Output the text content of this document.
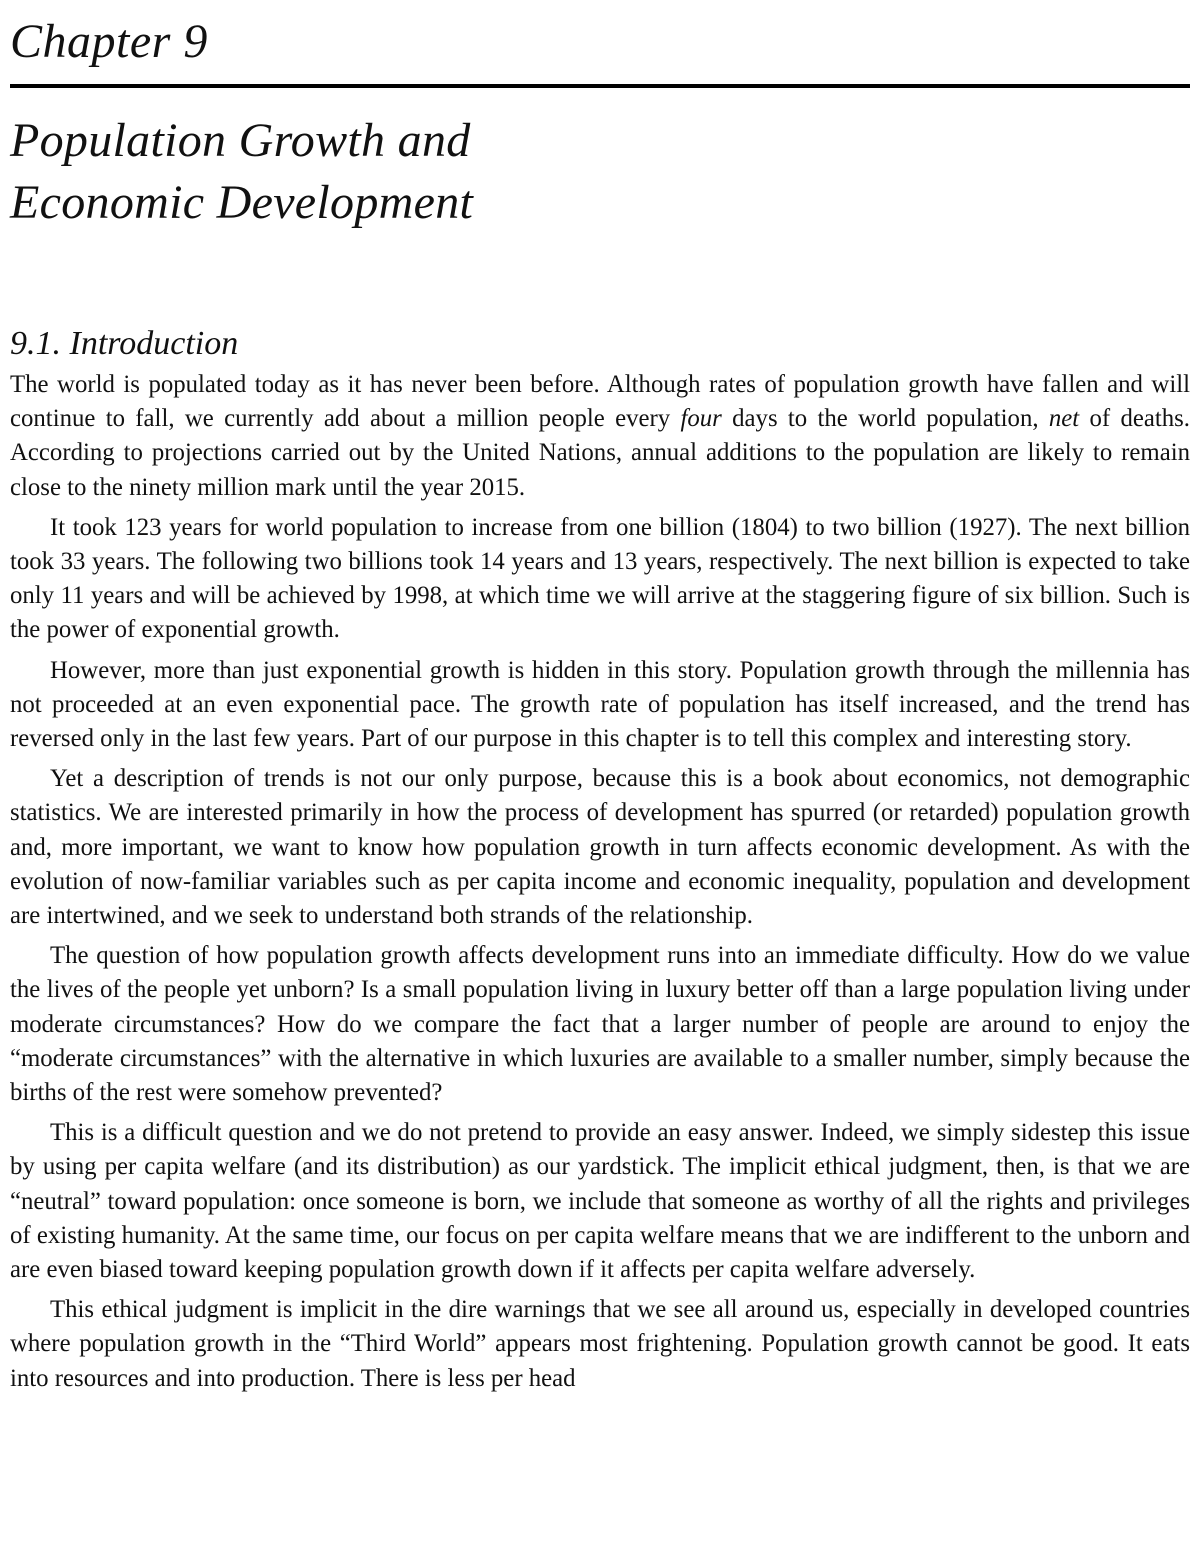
Chapter 9
Population Growth and
Economic Development
9.1. Introduction

The world is populated today as it has never been before. Although rates of population growth have fallen and will continue to fall, we currently add about a million people every four days to the world population, net of deaths. According to projections carried out by the United Nations, annual additions to the population are likely to remain close to the ninety million mark until the year 2015.

It took 123 years for world population to increase from one billion (1804) to two billion (1927). The next billion took 33 years. The following two billions took 14 years and 13 years, respectively. The next billion is expected to take only 11 years and will be achieved by 1998, at which time we will arrive at the staggering figure of six billion. Such is the power of exponential growth.

However, more than just exponential growth is hidden in this story. Population growth through the millennia has not proceeded at an even exponential pace. The growth rate of population has itself increased, and the trend has reversed only in the last few years. Part of our purpose in this chapter is to tell this complex and interesting story.

Yet a description of trends is not our only purpose, because this is a book about economics, not demographic statistics. We are interested primarily in how the process of development has spurred (or retarded) population growth and, more important, we want to know how population growth in turn affects economic development. As with the evolution of now-familiar variables such as per capita income and economic inequality, population and development are intertwined, and we seek to understand both strands of the relationship.

The question of how population growth affects development runs into an immediate difficulty. How do we value the lives of the people yet unborn? Is a small population living in luxury better off than a large population living under moderate circumstances? How do we compare the fact that a larger number of people are around to enjoy the “moderate circumstances” with the alternative in which luxuries are available to a smaller number, simply because the births of the rest were somehow prevented?

This is a difficult question and we do not pretend to provide an easy answer. Indeed, we simply sidestep this issue by using per capita welfare (and its distribution) as our yardstick. The implicit ethical judgment, then, is that we are “neutral” toward population: once someone is born, we include that someone as worthy of all the rights and privileges of existing humanity. At the same time, our focus on per capita welfare means that we are indifferent to the unborn and are even biased toward keeping population growth down if it affects per capita welfare adversely.

This ethical judgment is implicit in the dire warnings that we see all around us, especially in developed countries where population growth in the “Third World” appears most frightening. Population growth cannot be good. It eats into resources and into production. There is less per head
